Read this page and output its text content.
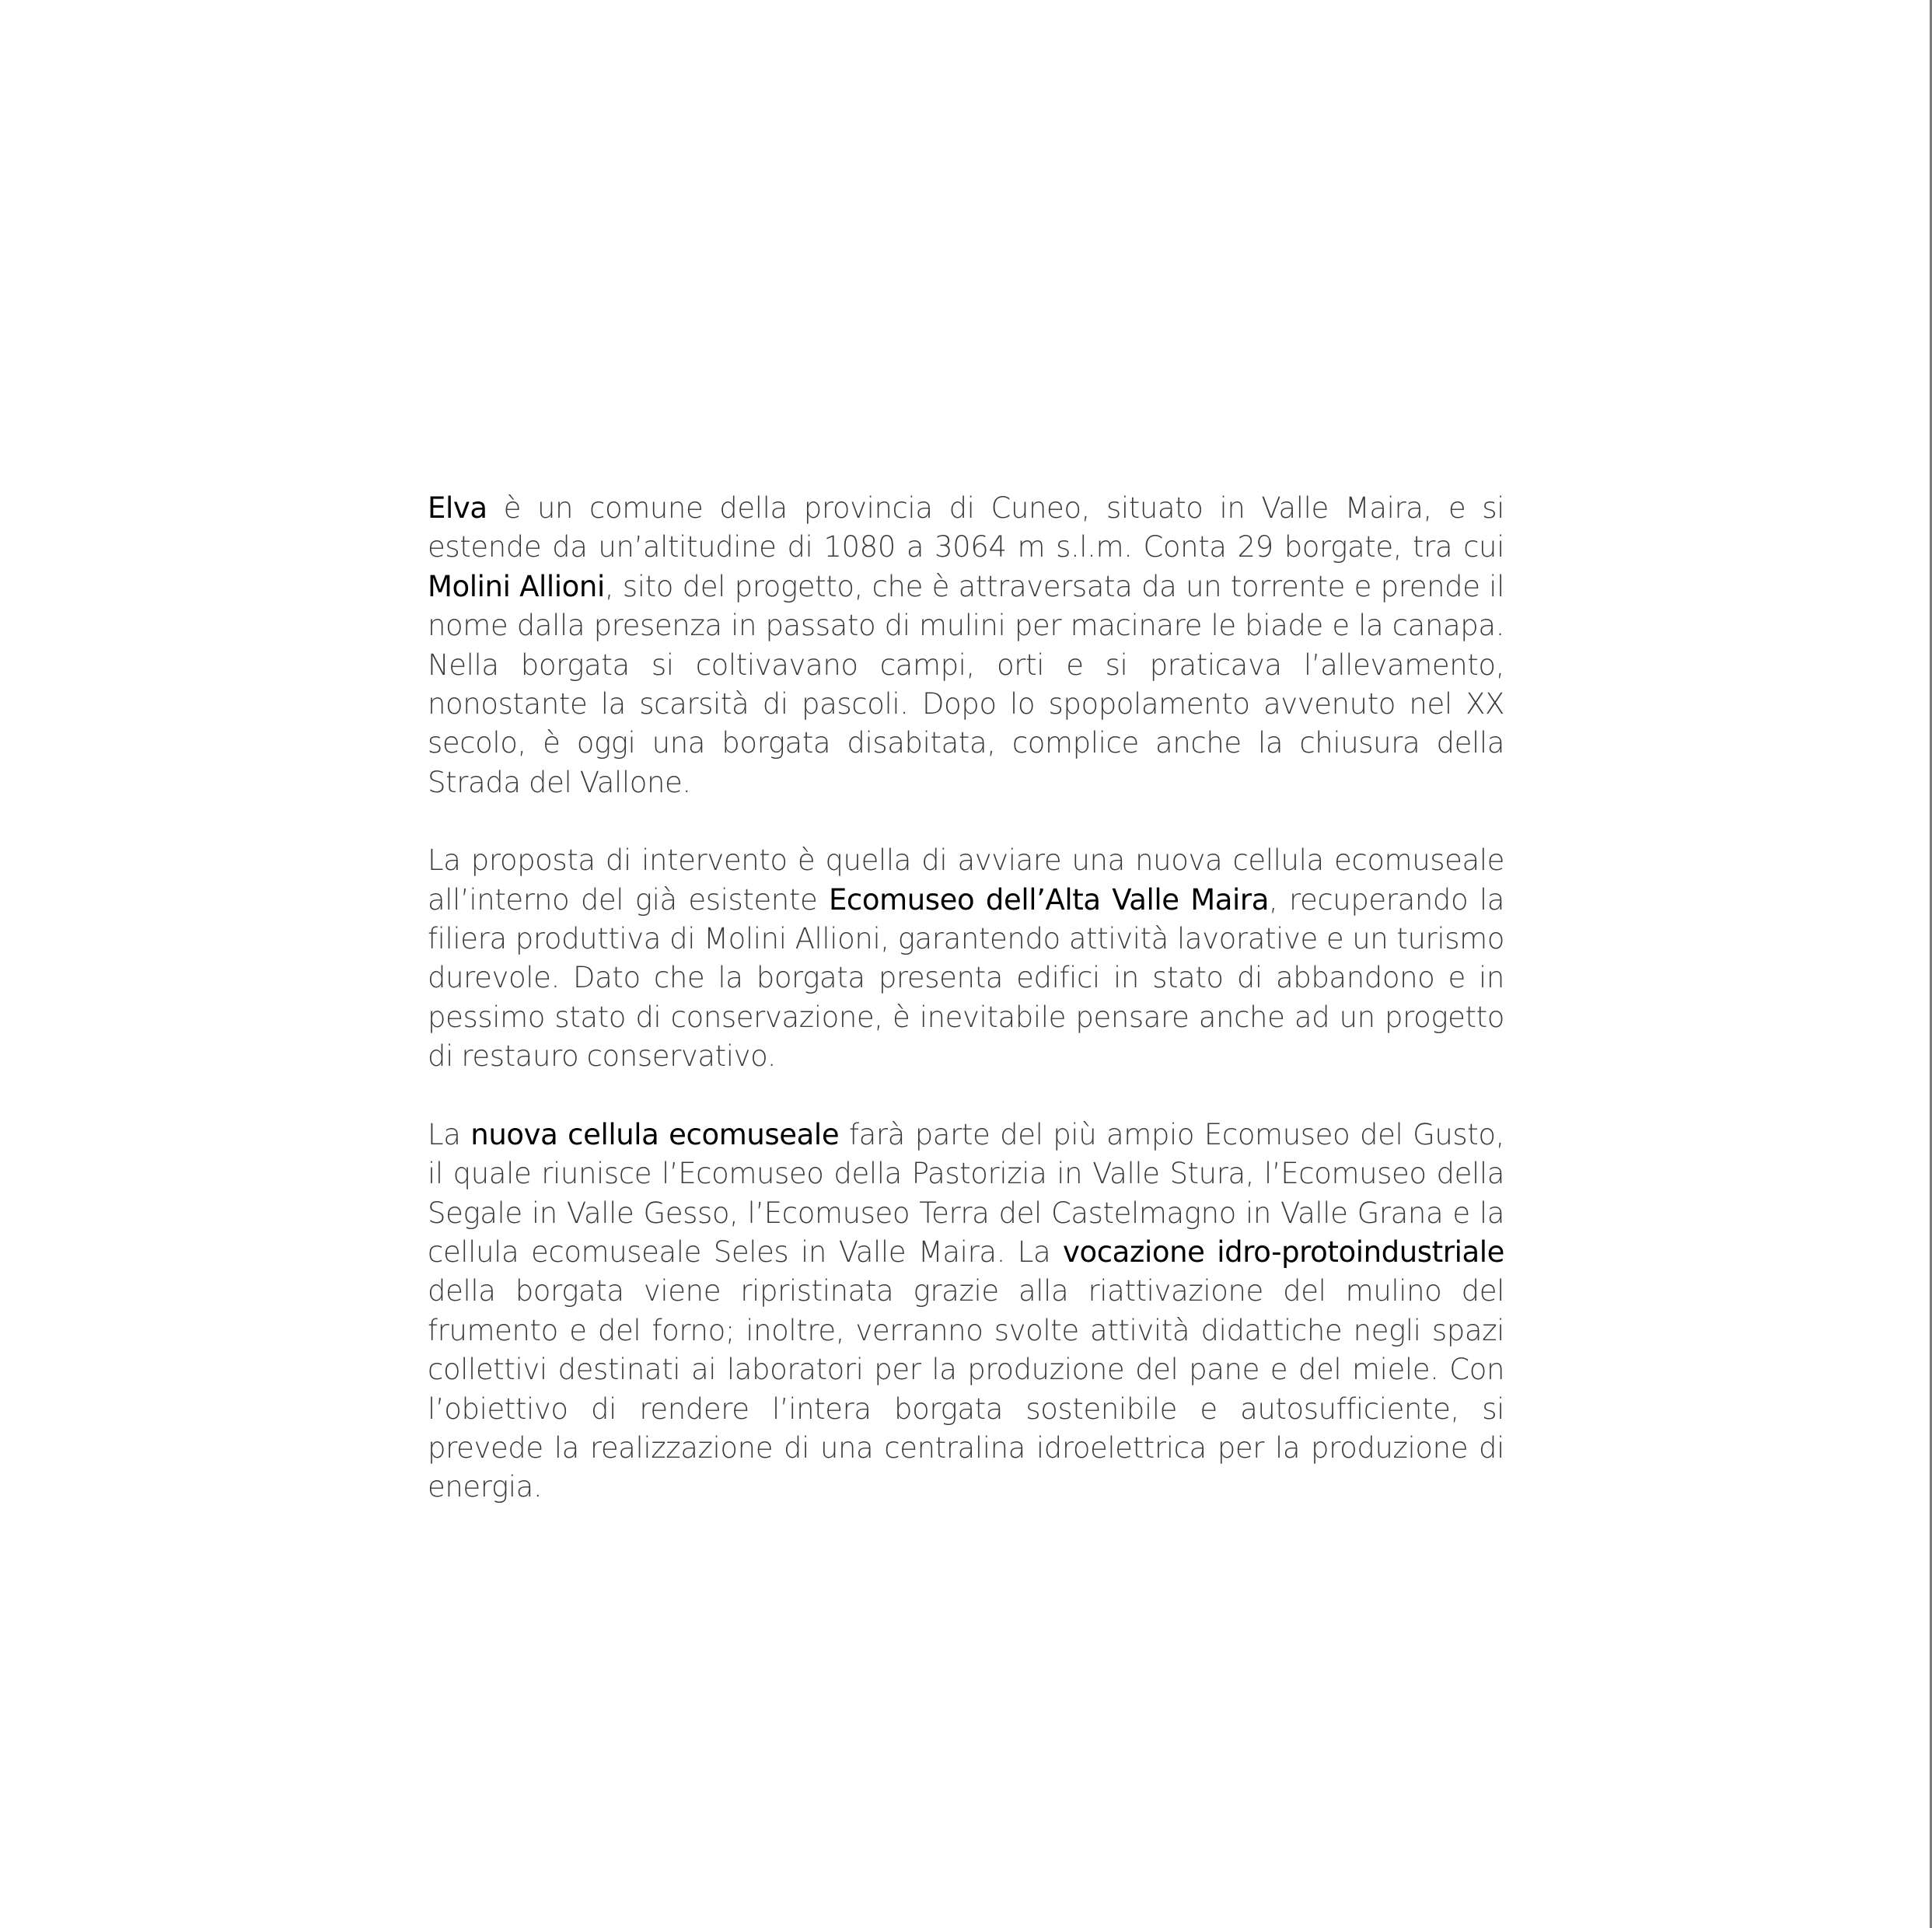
Elva è un comune della provincia di Cuneo, situato in Valle Maira, e si estende da un’altitudine di 1080 a 3064 m s.l.m. Conta 29 borgate, tra cui Molini Allioni, sito del progetto, che è attraversata da un torrente e prende il nome dalla presenza in passato di mulini per macinare le biade e la canapa. Nella borgata si coltivavano campi, orti e si praticava l’allevamento, nonostante la scarsità di pascoli. Dopo lo spopolamento avvenuto nel XX secolo, è oggi una borgata disabitata, complice anche la chiusura della Strada del Vallone.

La proposta di intervento è quella di avviare una nuova cellula ecomuseale all’interno del già esistente Ecomuseo dell’Alta Valle Maira, recuperando la filiera produttiva di Molini Allioni, garantendo attività lavorative e un turismo durevole. Dato che la borgata presenta edifici in stato di abbandono e in pessimo stato di conservazione, è inevitabile pensare anche ad un progetto di restauro conservativo.

La nuova cellula ecomuseale farà parte del più ampio Ecomuseo del Gusto, il quale riunisce l’Ecomuseo della Pastorizia in Valle Stura, l’Ecomuseo della Segale in Valle Gesso, l’Ecomuseo Terra del Castelmagno in Valle Grana e la cellula ecomuseale Seles in Valle Maira. La vocazione idro-protoindustriale della borgata viene ripristinata grazie alla riattivazione del mulino del frumento e del forno; inoltre, verranno svolte attività didattiche negli spazi collettivi destinati ai laboratori per la produzione del pane e del miele. Con l’obiettivo di rendere l’intera borgata sostenibile e autosufficiente, si prevede la realizzazione di una centralina idroelettrica per la produzione di energia.
